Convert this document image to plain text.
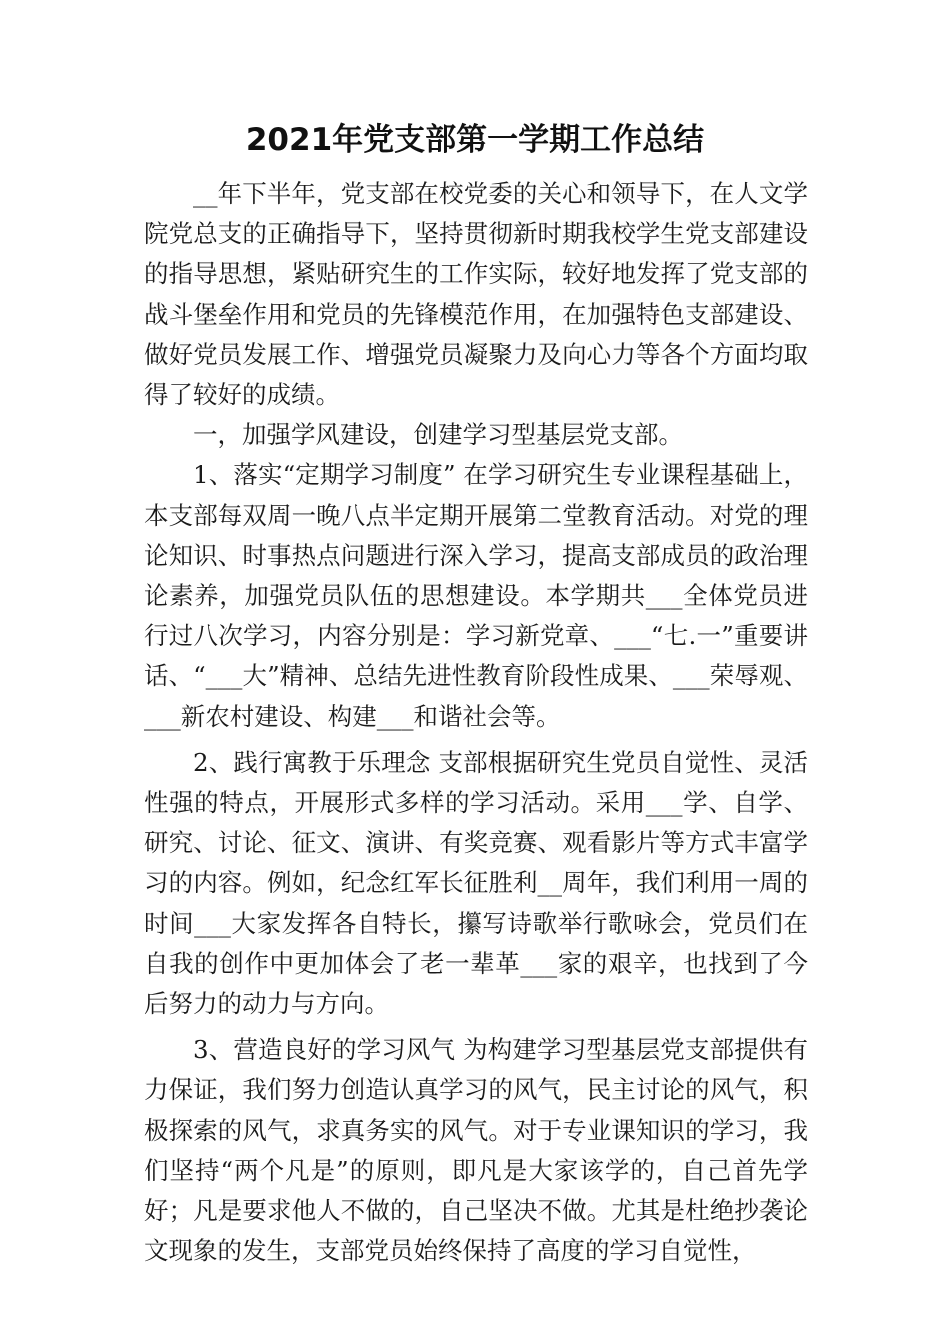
2021年党支部第一学期工作总结

__年下半年，党支部在校党委的关心和领导下，在人文学院党总支的正确指导下，坚持贯彻新时期我校学生党支部建设的指导思想，紧贴研究生的工作实际，较好地发挥了党支部的战斗堡垒作用和党员的先锋模范作用，在加强特色支部建设、做好党员发展工作、增强党员凝聚力及向心力等各个方面均取得了较好的成绩。

一，加强学风建设，创建学习型基层党支部。

1、落实“定期学习制度” 在学习研究生专业课程基础上，本支部每双周一晚八点半定期开展第二堂教育活动。对党的理论知识、时事热点问题进行深入学习，提高支部成员的政治理论素养，加强党员队伍的思想建设。本学期共___全体党员进行过八次学习，内容分别是：学习新党章、___“七.一”重要讲话、“___大”精神、总结先进性教育阶段性成果、___荣辱观、___新农村建设、构建___和谐社会等。

2、践行寓教于乐理念 支部根据研究生党员自觉性、灵活性强的特点，开展形式多样的学习活动。采用___学、自学、研究、讨论、征文、演讲、有奖竞赛、观看影片等方式丰富学习的内容。例如，纪念红军长征胜利__周年，我们利用一周的时间___大家发挥各自特长，攥写诗歌举行歌咏会，党员们在自我的创作中更加体会了老一辈革___家的艰辛，也找到了今后努力的动力与方向。

3、营造良好的学习风气 为构建学习型基层党支部提供有力保证，我们努力创造认真学习的风气，民主讨论的风气，积极探索的风气，求真务实的风气。对于专业课知识的学习，我们坚持“两个凡是”的原则，即凡是大家该学的，自己首先学好；凡是要求他人不做的，自己坚决不做。尤其是杜绝抄袭论文现象的发生，支部党员始终保持了高度的学习自觉性，
